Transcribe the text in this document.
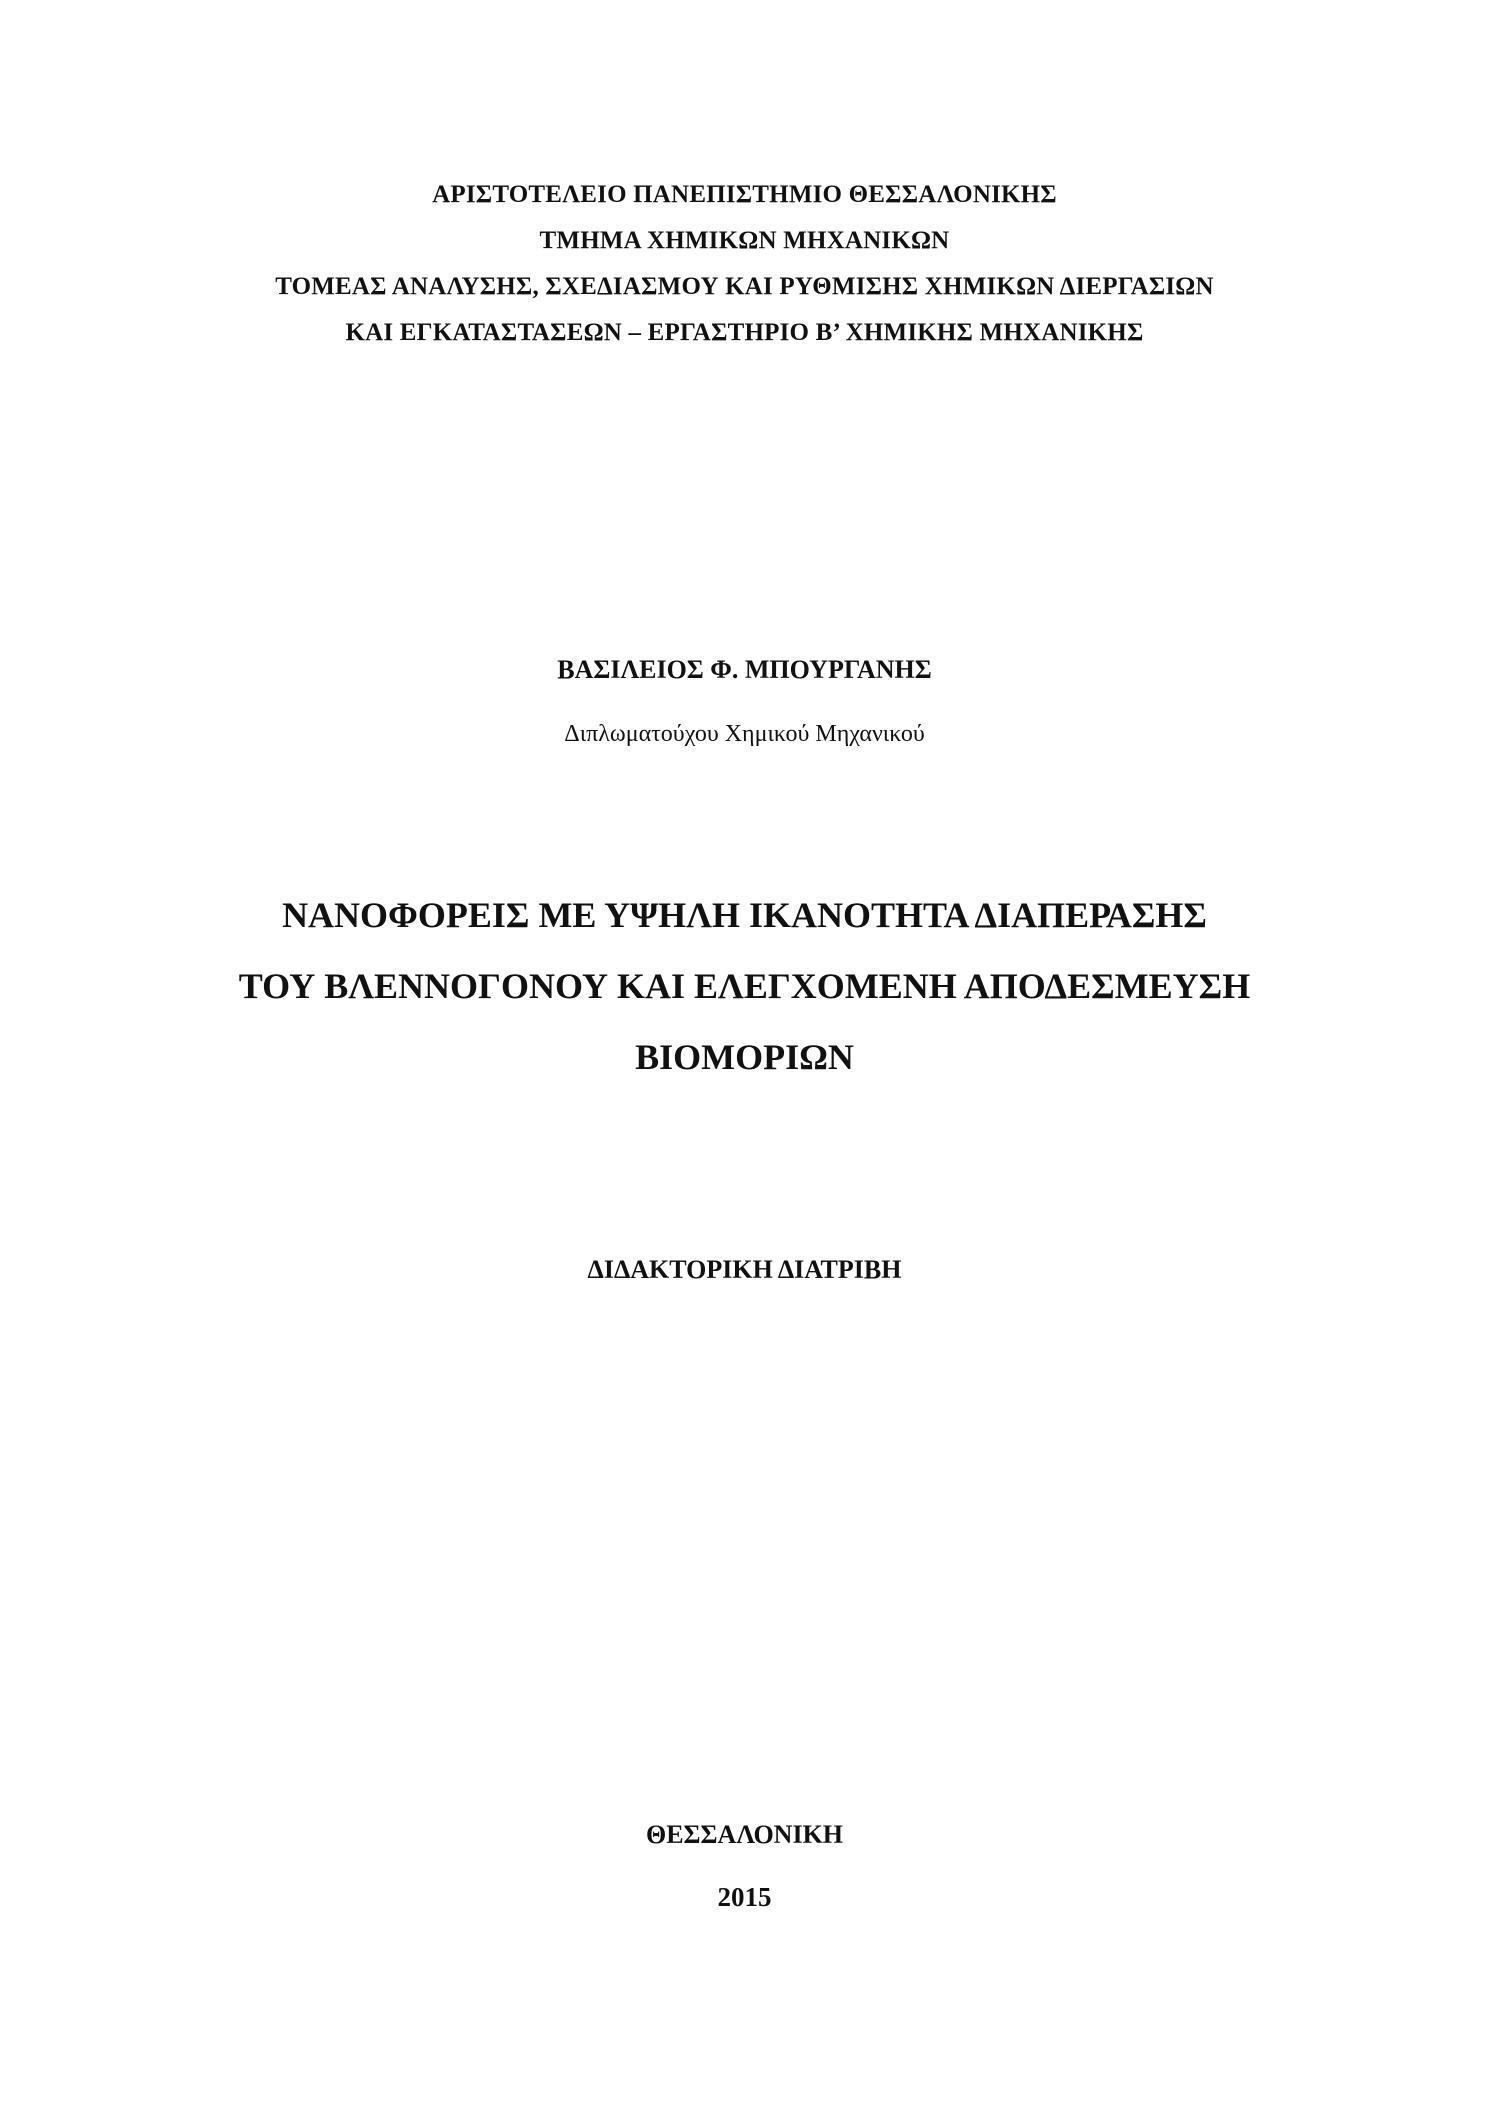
ΑΡΙΣΤΟΤΕΛΕΙΟ ΠΑΝΕΠΙΣΤΗΜΙΟ ΘΕΣΣΑΛΟΝΙΚΗΣ
ΤΜΗΜΑ ΧΗΜΙΚΩΝ ΜΗΧΑΝΙΚΩΝ
ΤΟΜΕΑΣ ΑΝΑΛΥΣΗΣ, ΣΧΕΔΙΑΣΜΟΥ ΚΑΙ ΡΥΘΜΙΣΗΣ ΧΗΜΙΚΩΝ ΔΙΕΡΓΑΣΙΩΝ
ΚΑΙ ΕΓΚΑΤΑΣΤΑΣΕΩΝ – ΕΡΓΑΣΤΗΡΙΟ Β’ ΧΗΜΙΚΗΣ ΜΗΧΑΝΙΚΗΣ
ΒΑΣΙΛΕΙΟΣ Φ. ΜΠΟΥΡΓΑΝΗΣ
Διπλωματούχου Χημικού Μηχανικού
ΝΑΝΟΦΟΡΕΙΣ ΜΕ ΥΨΗΛΗ ΙΚΑΝΟΤΗΤΑ ΔΙΑΠΕΡΑΣΗΣ
ΤΟΥ ΒΛΕΝΝΟΓΟΝΟΥ ΚΑΙ ΕΛΕΓΧΟΜΕΝΗ ΑΠΟΔΕΣΜΕΥΣΗ
ΒΙΟΜΟΡΙΩΝ
ΔΙΔΑΚΤΟΡΙΚΗ ΔΙΑΤΡΙΒΗ
ΘΕΣΣΑΛΟΝΙΚΗ
2015
